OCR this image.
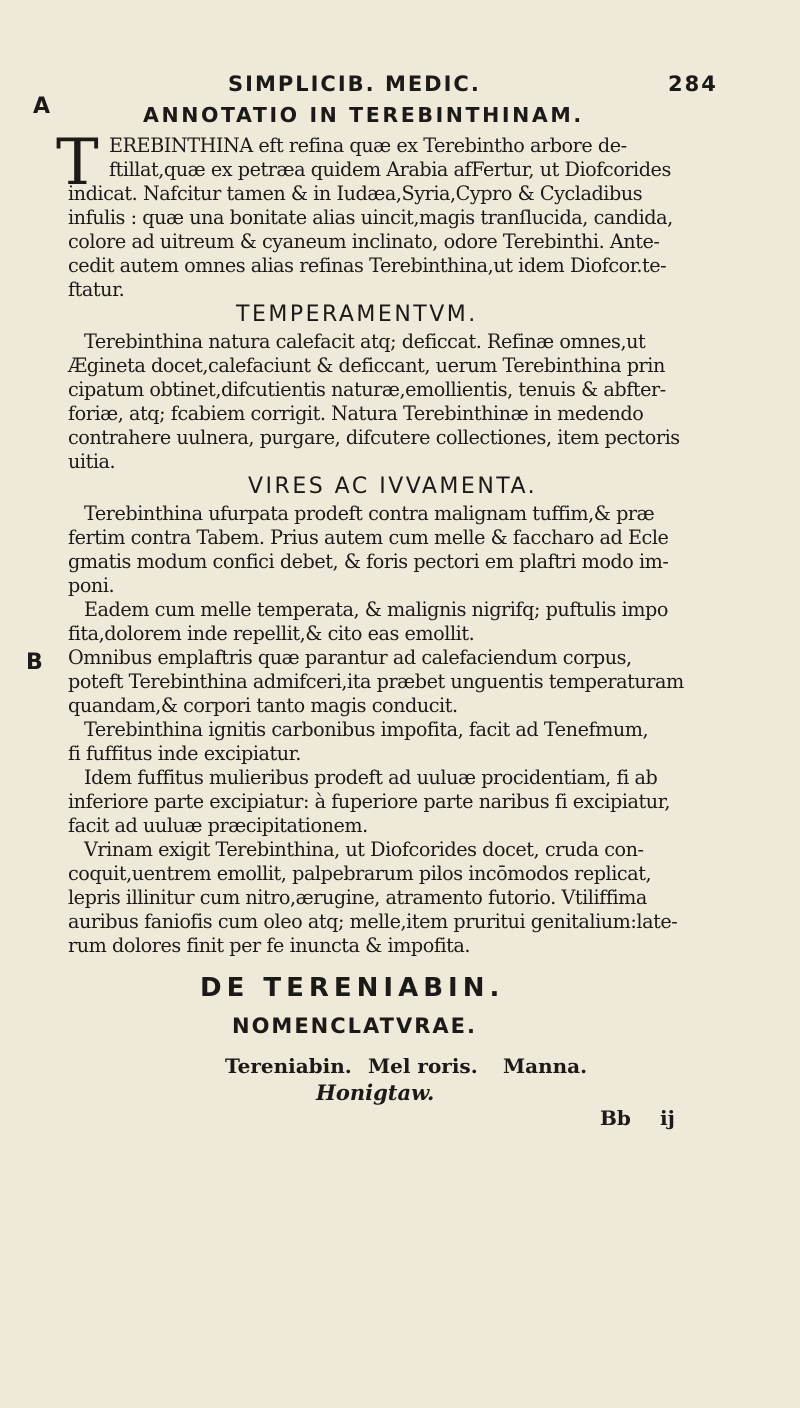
SIMPLICIB. MEDIC.	284
A
B
ANNOTATIO IN TEREBINTHINAM.
T EREBINTHINA eft refina quæ ex Terebintho arbore de-
ftillat,quæ ex petræa quidem Arabia afFertur, ut Diofcorides
indicat. Nafcitur tamen & in Iudæa,Syria,Cypro & Cycladibus
infulis : quæ una bonitate alias uincit,magis tranſlucida, candida,
colore ad uitreum & cyaneum inclinato, odore Terebinthi. Ante-
cedit autem omnes alias refinas Terebinthina,ut idem Diofcor.te-
ftatur.
TEMPERAMENTVM.
Terebinthina natura calefacit atq; deficcat. Refinæ omnes,ut
Ægineta docet,calefaciunt & deficcant, uerum Terebinthina prin
cipatum obtinet,difcutientis naturæ,emollientis, tenuis & abfter-
foriæ, atq; fcabiem corrigit. Natura Terebinthinæ in medendo
contrahere uulnera, purgare, difcutere collectiones, item pectoris
uitia.
VIRES AC IVVAMENTA.
Terebinthina ufurpata prodeft contra malignam tuffim,& præ
fertim contra Tabem. Prius autem cum melle & faccharo ad Ecle
gmatis modum confici debet, & foris pectori em plaftri modo im-
poni.
Eadem cum melle temperata, & malignis nigrifq; puftulis impo
fita,dolorem inde repellit,& cito eas emollit.
Omnibus emplaftris quæ parantur ad calefaciendum corpus,
poteft Terebinthina admifceri,ita præbet unguentis temperaturam
quandam,& corpori tanto magis conducit.
Terebinthina ignitis carbonibus impofita, facit ad Tenefmum,
fi fuffitus inde excipiatur.
Idem fuffitus mulieribus prodeft ad uuluæ procidentiam, fi ab
inferiore parte excipiatur: à fuperiore parte naribus fi excipiatur,
facit ad uuluæ præcipitationem.
Vrinam exigit Terebinthina, ut Diofcorides docet, cruda con-
coquit,uentrem emollit, palpebrarum pilos incōmodos replicat,
lepris illinitur cum nitro,ærugine, atramento futorio. Vtiliffima
auribus faniofis cum oleo atq; melle,item pruritui genitalium:late-
rum dolores finit per fe inuncta & impofita.
DE TERENIABIN.
NOMENCLATVRAE.
Tereniabin. Mel roris. Manna.
Honigtaw.
Bb ij
